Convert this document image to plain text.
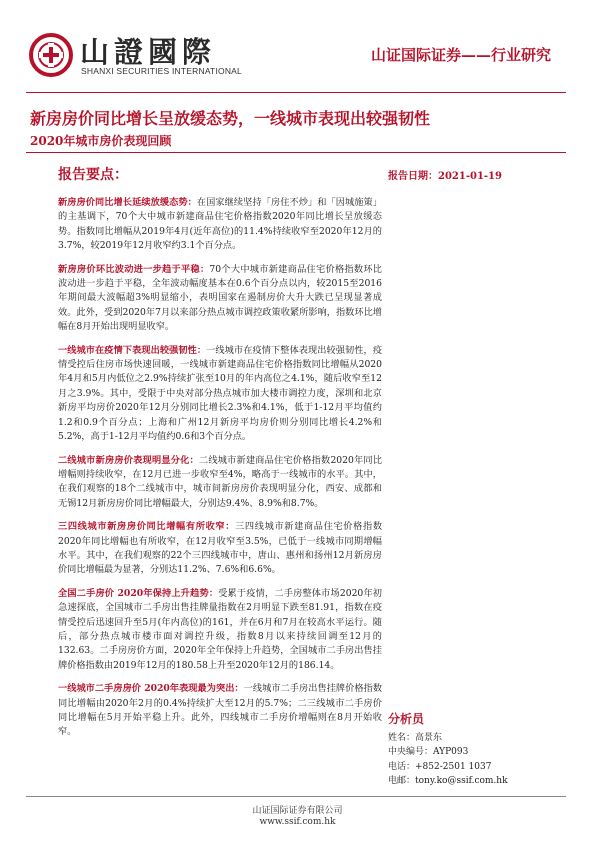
山證國際
SHANXI SECURITIES INTERNATIONAL
山证国际证券——行业研究
新房房价同比增长呈放缓态势，一线城市表现出较强韧性
2020年城市房价表现回顾
报告要点：	报告日期：2021-01-19
新房房价同比增长延续放缓态势：在国家继续坚持「房住不炒」和「因城施策」的主基调下，70个大中城市新建商品住宅价格指数2020年同比增长呈放缓态势。指数同比增幅从2019年4月(近年高位)的11.4%持续收窄至2020年12月的3.7%，较2019年12月收窄约3.1个百分点。
新房房价环比波动进一步趋于平稳：70个大中城市新建商品住宅价格指数环比波动进一步趋于平稳，全年波动幅度基本在0.6个百分点以内，较2015至2016年期间最大波幅超3%明显缩小，表明国家在遏制房价大升大跌已呈现显著成效。此外，受到2020年7月以来部分热点城市调控政策收紧所影响，指数环比增幅在8月开始出现明显收窄。
一线城市在疫情下表现出较强韧性：一线城市在疫情下整体表现出较强韧性，疫情受控后住房市场快速回暖，一线城市新建商品住宅价格指数同比增幅从2020年4月和5月内低位之2.9%持续扩张至10月的年内高位之4.1%，随后收窄至12月之3.9%。其中，受限于中央对部分热点城市加大楼市调控力度，深圳和北京新房平均房价2020年12月分别同比增长2.3%和4.1%，低于1-12月平均值约1.2和0.9个百分点；上海和广州12月新房平均房价则分别同比增长4.2%和5.2%，高于1-12月平均值约0.6和3个百分点。
二线城市新房房价表现明显分化：二线城市新建商品住宅价格指数2020年同比增幅则持续收窄，在12月已进一步收窄至4%，略高于一线城市的水平。其中，在我们观察的18个二线城市中，城市间新房房价表现明显分化，西安、成都和无锡12月新房房价同比增幅最大，分别达9.4%、8.9%和8.7%。
三四线城市新房房价同比增幅有所收窄：三四线城市新建商品住宅价格指数2020年同比增幅也有所收窄，在12月收窄至3.5%，已低于一线城市同期增幅水平。其中，在我们观察的22个三四线城市中，唐山、惠州和扬州12月新房房价同比增幅最为显著，分别达11.2%、7.6%和6.6%。
全国二手房价 2020年保持上升趋势：受累于疫情，二手房整体市场2020年初急速探底，全国城市二手房出售挂牌量指数在2月明显下跌至81.91，指数在疫情受控后迅速回升至5月(年内高位)的161，并在6月和7月在较高水平运行。随后，部分热点城市楼市面对调控升级，指数8月以来持续回调至12月的132.63。二手房房价方面，2020年全年保持上升趋势，全国城市二手房出售挂牌价格指数由2019年12月的180.58上升至2020年12月的186.14。
一线城市二手房房价 2020年表现最为突出：一线城市二手房出售挂牌价格指数同比增幅由2020年2月的0.4%持续扩大至12月的5.7%；二三线城市二手房价同比增幅在5月开始平稳上升。此外，四线城市二手房价增幅则在8月开始收窄。
分析员
姓名：高景东
中央编号：AYP093
电话：+852-2501 1037
电邮：tony.ko@ssif.com.hk
山证国际证券有限公司
www.ssif.com.hk
